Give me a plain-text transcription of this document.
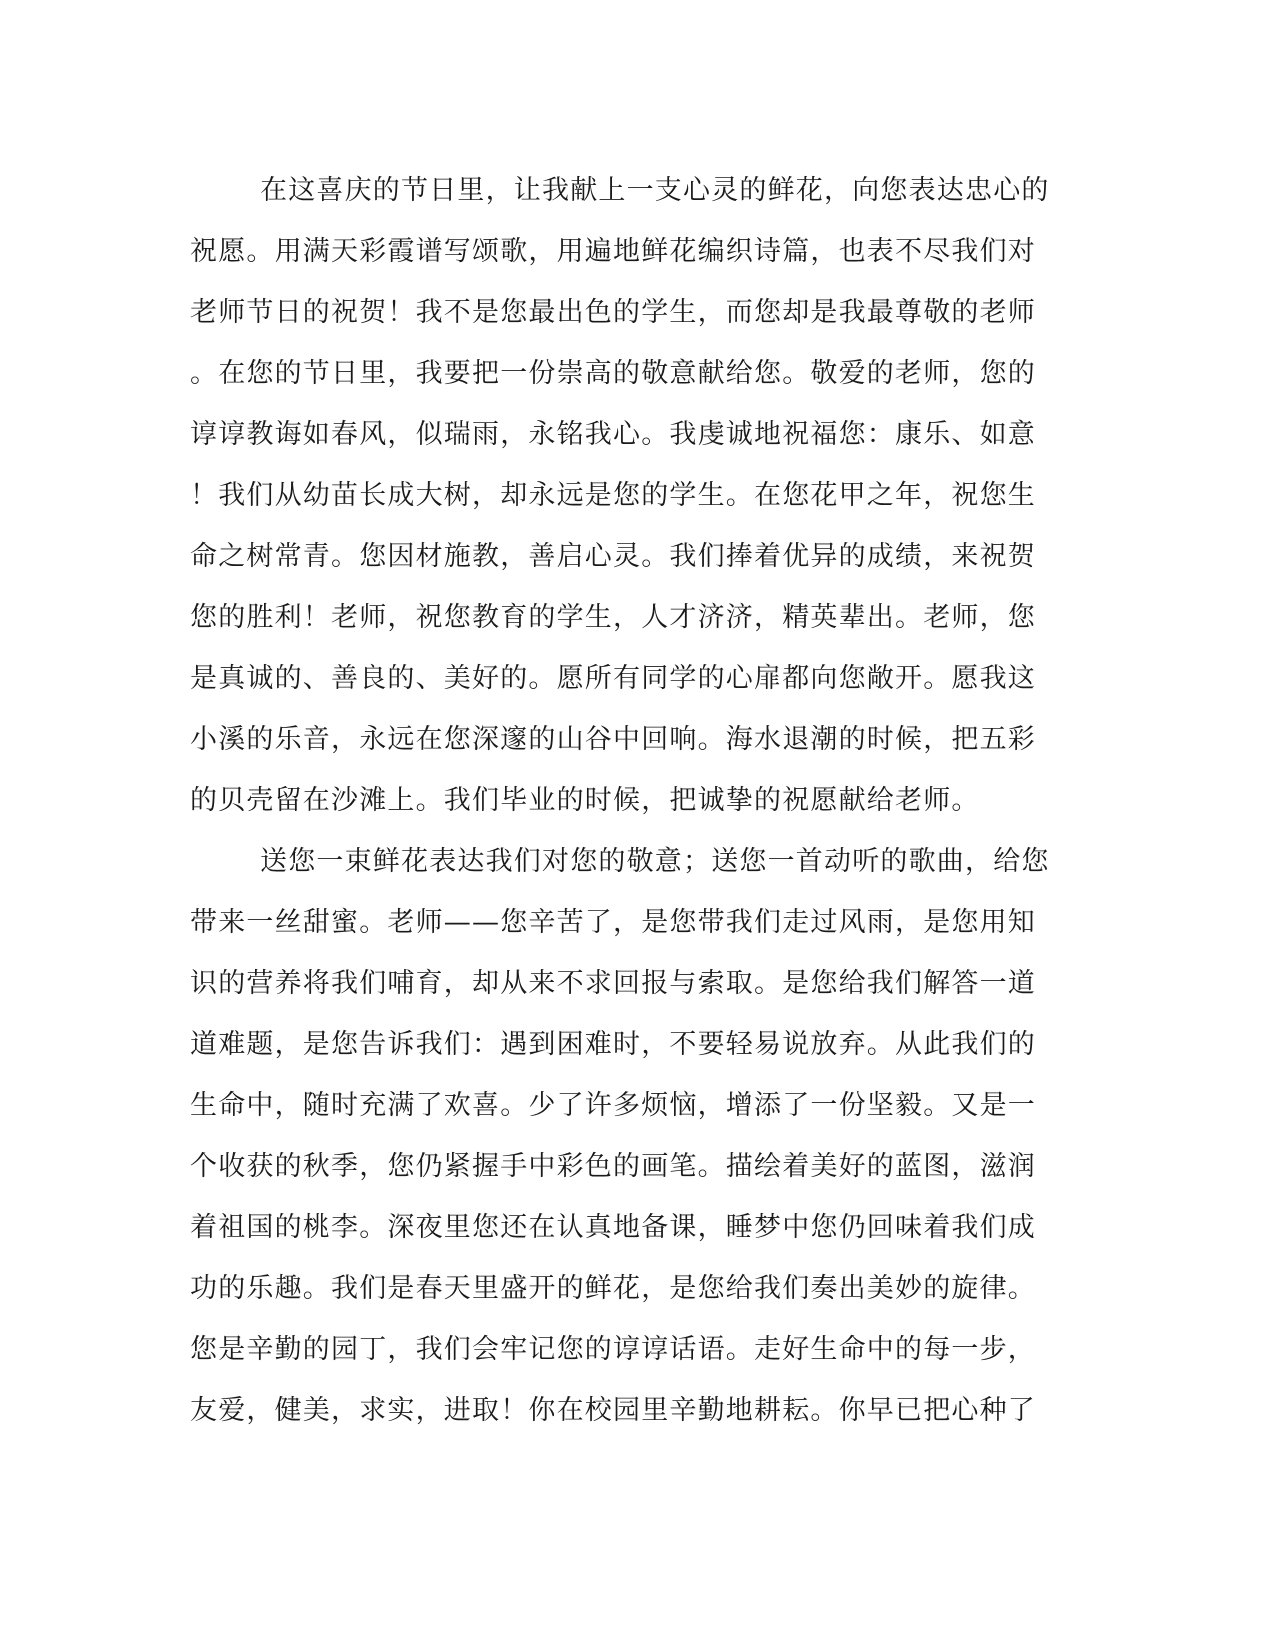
在这喜庆的节日里，让我献上一支心灵的鲜花，向您表达忠心的
祝愿。用满天彩霞谱写颂歌，用遍地鲜花编织诗篇，也表不尽我们对
老师节日的祝贺！我不是您最出色的学生，而您却是我最尊敬的老师
。在您的节日里，我要把一份崇高的敬意献给您。敬爱的老师，您的
谆谆教诲如春风，似瑞雨，永铭我心。我虔诚地祝福您：康乐、如意
！我们从幼苗长成大树，却永远是您的学生。在您花甲之年，祝您生
命之树常青。您因材施教，善启心灵。我们捧着优异的成绩，来祝贺
您的胜利！老师，祝您教育的学生，人才济济，精英辈出。老师，您
是真诚的、善良的、美好的。愿所有同学的心扉都向您敞开。愿我这
小溪的乐音，永远在您深邃的山谷中回响。海水退潮的时候，把五彩
的贝壳留在沙滩上。我们毕业的时候，把诚挚的祝愿献给老师。
送您一束鲜花表达我们对您的敬意；送您一首动听的歌曲，给您
带来一丝甜蜜。老师——您辛苦了，是您带我们走过风雨，是您用知
识的营养将我们哺育，却从来不求回报与索取。是您给我们解答一道
道难题，是您告诉我们：遇到困难时，不要轻易说放弃。从此我们的
生命中，随时充满了欢喜。少了许多烦恼，增添了一份坚毅。又是一
个收获的秋季，您仍紧握手中彩色的画笔。描绘着美好的蓝图，滋润
着祖国的桃李。深夜里您还在认真地备课，睡梦中您仍回味着我们成
功的乐趣。我们是春天里盛开的鲜花，是您给我们奏出美妙的旋律。
您是辛勤的园丁，我们会牢记您的谆谆话语。走好生命中的每一步，
友爱，健美，求实，进取！你在校园里辛勤地耕耘。你早已把心种了
